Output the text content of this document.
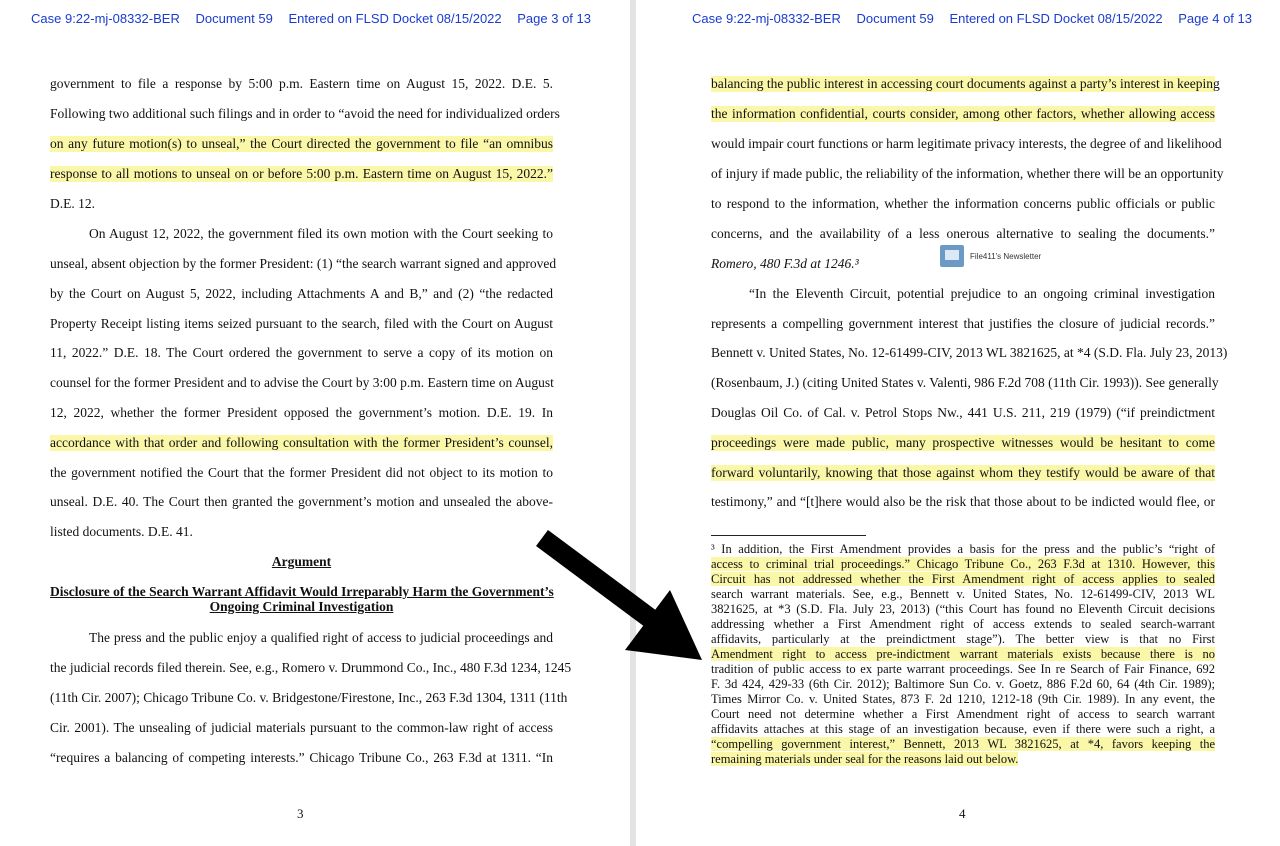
Case 9:22-mj-08332-BER Document 59 Entered on FLSD Docket 08/15/2022 Page 3 of 13
government to file a response by 5:00 p.m. Eastern time on August 15, 2022. D.E. 5.
Following two additional such filings and in order to “avoid the need for individualized orders
on any future motion(s) to unseal,” the Court directed the government to file “an omnibus
response to all motions to unseal on or before 5:00 p.m. Eastern time on August 15, 2022.”
D.E. 12.
On August 12, 2022, the government filed its own motion with the Court seeking to
unseal, absent objection by the former President: (1) “the search warrant signed and approved
by the Court on August 5, 2022, including Attachments A and B,” and (2) “the redacted
Property Receipt listing items seized pursuant to the search, filed with the Court on August
11, 2022.” D.E. 18. The Court ordered the government to serve a copy of its motion on
counsel for the former President and to advise the Court by 3:00 p.m. Eastern time on August
12, 2022, whether the former President opposed the government’s motion. D.E. 19. In
accordance with that order and following consultation with the former President’s counsel,
the government notified the Court that the former President did not object to its motion to
unseal. D.E. 40. The Court then granted the government’s motion and unsealed the above-
listed documents. D.E. 41.
Argument
Disclosure of the Search Warrant Affidavit Would Irreparably Harm the Government’s
Ongoing Criminal Investigation
The press and the public enjoy a qualified right of access to judicial proceedings and
the judicial records filed therein. See, e.g., Romero v. Drummond Co., Inc., 480 F.3d 1234, 1245
(11th Cir. 2007); Chicago Tribune Co. v. Bridgestone/Firestone, Inc., 263 F.3d 1304, 1311 (11th
Cir. 2001). The unsealing of judicial materials pursuant to the common-law right of access
“requires a balancing of competing interests.” Chicago Tribune Co., 263 F.3d at 1311. “In
3
Case 9:22-mj-08332-BER Document 59 Entered on FLSD Docket 08/15/2022 Page 4 of 13
balancing the public interest in accessing court documents against a party’s interest in keeping
the information confidential, courts consider, among other factors, whether allowing access
would impair court functions or harm legitimate privacy interests, the degree of and likelihood
of injury if made public, the reliability of the information, whether there will be an opportunity
to respond to the information, whether the information concerns public officials or public
concerns, and the availability of a less onerous alternative to sealing the documents.”
Romero, 480 F.3d at 1246.³	File411's Newsletter
“In the Eleventh Circuit, potential prejudice to an ongoing criminal investigation
represents a compelling government interest that justifies the closure of judicial records.”
Bennett v. United States, No. 12-61499-CIV, 2013 WL 3821625, at *4 (S.D. Fla. July 23, 2013)
(Rosenbaum, J.) (citing United States v. Valenti, 986 F.2d 708 (11th Cir. 1993)). See generally
Douglas Oil Co. of Cal. v. Petrol Stops Nw., 441 U.S. 211, 219 (1979) (“if preindictment
proceedings were made public, many prospective witnesses would be hesitant to come
forward voluntarily, knowing that those against whom they testify would be aware of that
testimony,” and “[t]here would also be the risk that those about to be indicted would flee, or
³ In addition, the First Amendment provides a basis for the press and the public’s “right of
access to criminal trial proceedings.” Chicago Tribune Co., 263 F.3d at 1310. However, this
Circuit has not addressed whether the First Amendment right of access applies to sealed
search warrant materials. See, e.g., Bennett v. United States, No. 12-61499-CIV, 2013 WL
3821625, at *3 (S.D. Fla. July 23, 2013) (“this Court has found no Eleventh Circuit decisions
addressing whether a First Amendment right of access extends to sealed search-warrant
affidavits, particularly at the preindictment stage”). The better view is that no First
Amendment right to access pre-indictment warrant materials exists because there is no
tradition of public access to ex parte warrant proceedings. See In re Search of Fair Finance, 692
F. 3d 424, 429-33 (6th Cir. 2012); Baltimore Sun Co. v. Goetz, 886 F.2d 60, 64 (4th Cir. 1989);
Times Mirror Co. v. United States, 873 F. 2d 1210, 1212-18 (9th Cir. 1989). In any event, the
Court need not determine whether a First Amendment right of access to search warrant
affidavits attaches at this stage of an investigation because, even if there were such a right, a
“compelling government interest,” Bennett, 2013 WL 3821625, at *4, favors keeping the
remaining materials under seal for the reasons laid out below.
4
